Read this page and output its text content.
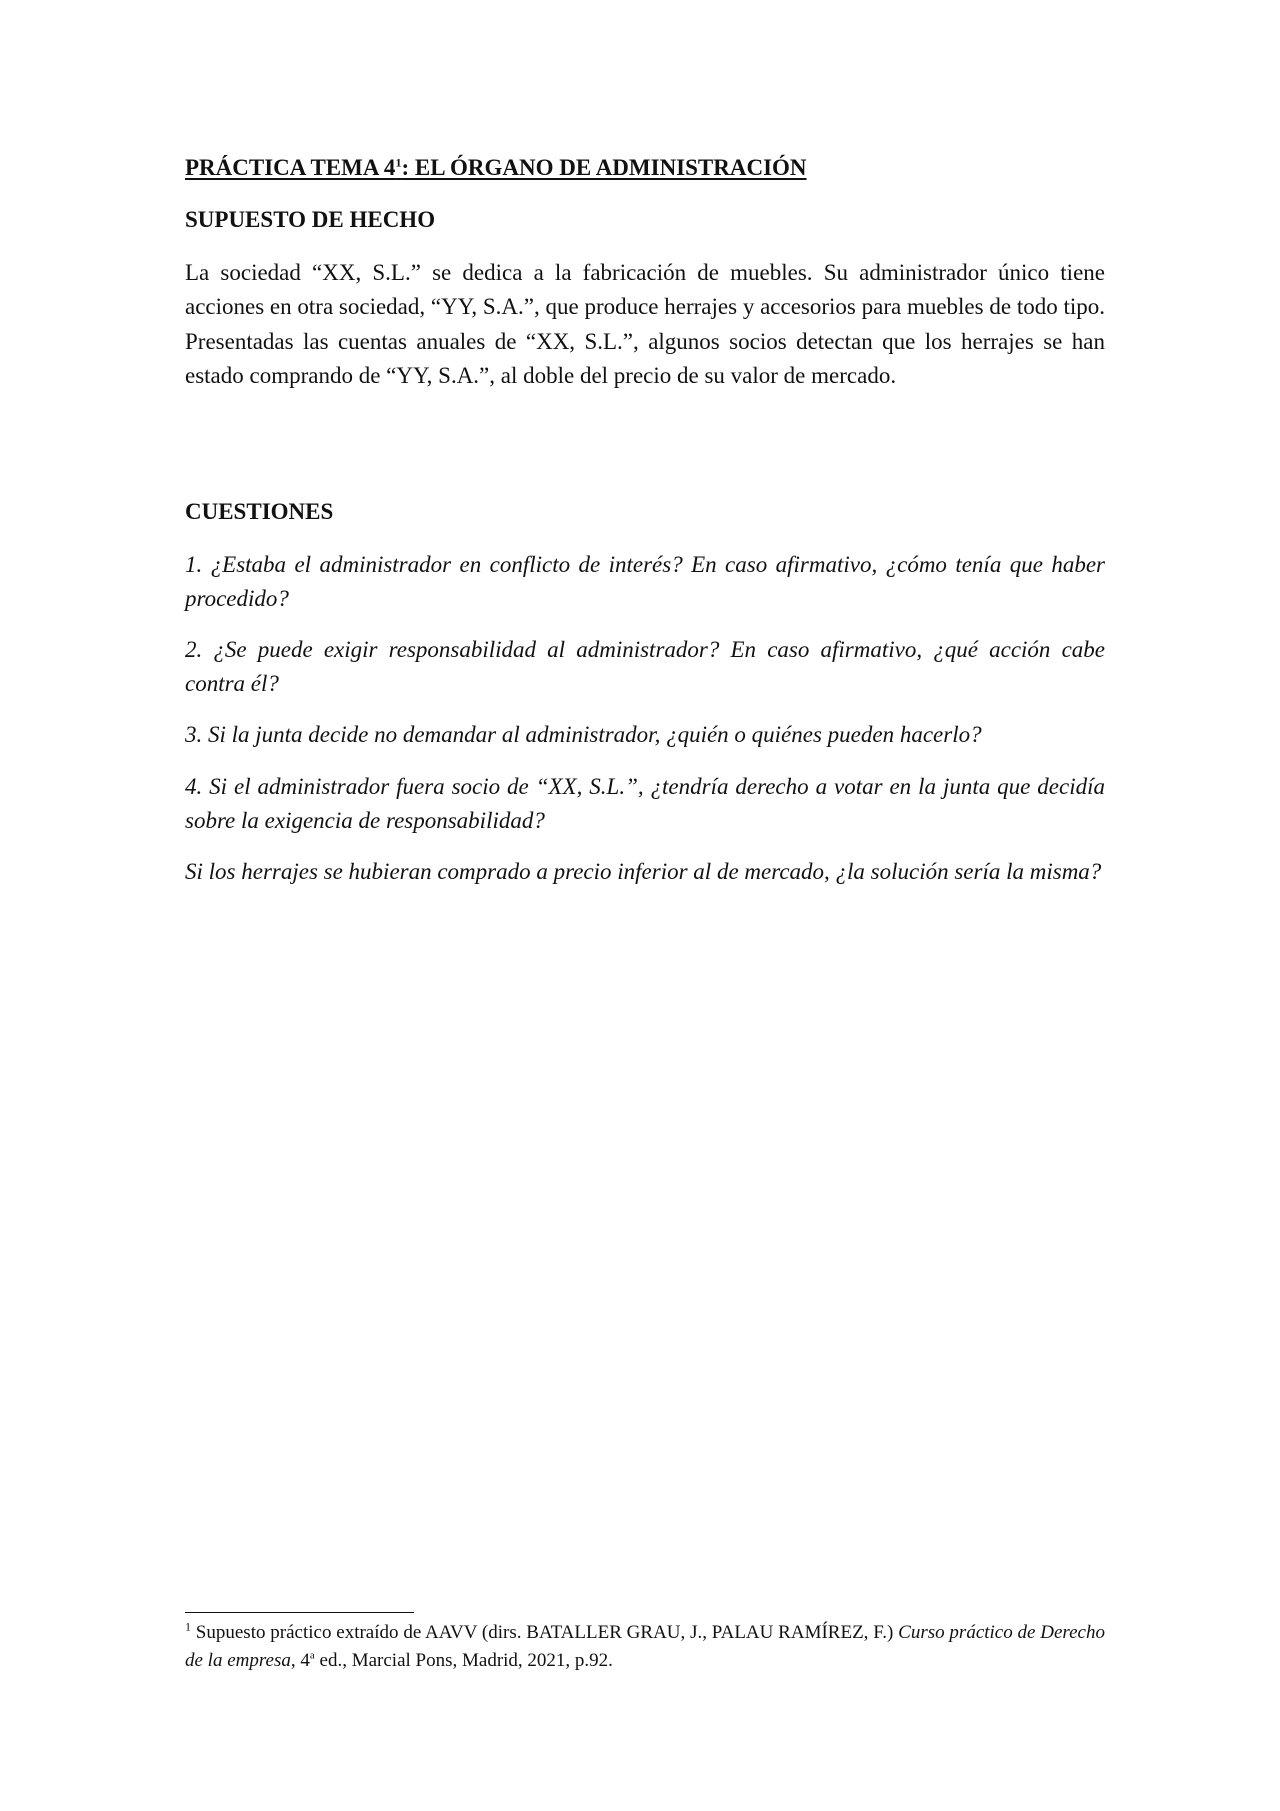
PRÁCTICA TEMA $4^1$: EL ÓRGANO DE ADMINISTRACIÓN
SUPUESTO DE HECHO
La sociedad “XX, S.L.” se dedica a la fabricación de muebles. Su administrador único tiene acciones en otra sociedad, “YY, S.A.”, que produce herrajes y accesorios para muebles de todo tipo. Presentadas las cuentas anuales de “XX, S.L.”, algunos socios detectan que los herrajes se han estado comprando de “YY, S.A.”, al doble del precio de su valor de mercado.
CUESTIONES
1. ¿Estaba el administrador en conflicto de interés? En caso afirmativo, ¿cómo tenía que haber procedido?
2. ¿Se puede exigir responsabilidad al administrador? En caso afirmativo, ¿qué acción cabe contra él?
3. Si la junta decide no demandar al administrador, ¿quién o quiénes pueden hacerlo?
4. Si el administrador fuera socio de “XX, S.L.”, ¿tendría derecho a votar en la junta que decidía sobre la exigencia de responsabilidad?
Si los herrajes se hubieran comprado a precio inferior al de mercado, ¿la solución sería la misma?
$^1$ Supuesto práctico extraído de AAVV (dirs. BATALLER GRAU, J., PALAU RAMÍREZ, F.) Curso práctico de Derecho de la empresa, 4$^a$ ed., Marcial Pons, Madrid, 2021, p.92.
